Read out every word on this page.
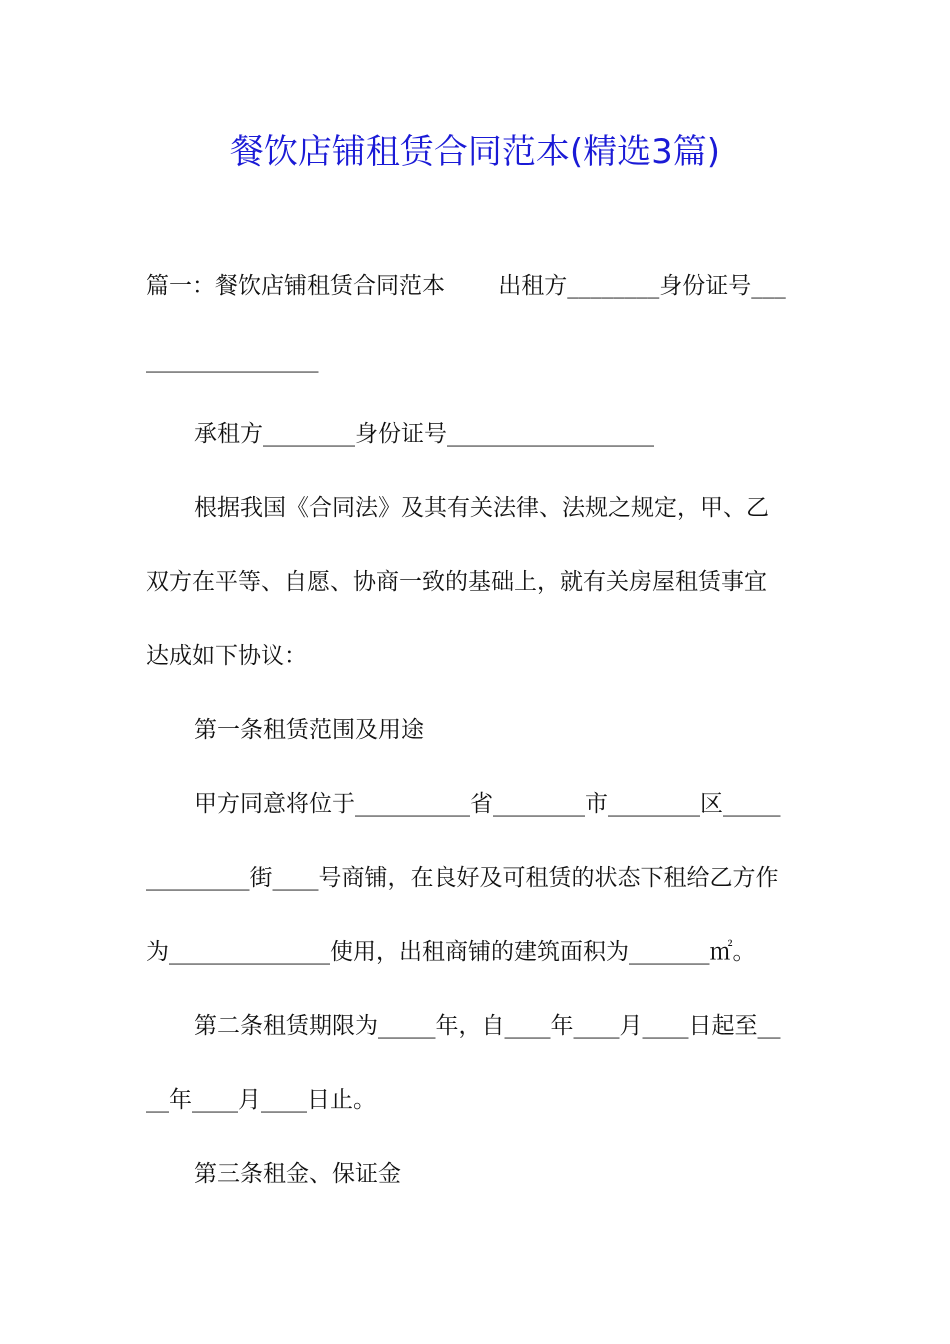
餐饮店铺租赁合同范本(精选3篇)
篇一：餐饮店铺租赁合同范本　　 出租方________身份证号___
_______________
承租方________身份证号__________________
根据我国《合同法》及其有关法律、法规之规定，甲、乙
双方在平等、自愿、协商一致的基础上，就有关房屋租赁事宜
达成如下协议：
第一条租赁范围及用途
甲方同意将位于__________省________市________区_____
_________街____号商铺，在良好及可租赁的状态下租给乙方作
为______________使用，出租商铺的建筑面积为_______㎡。
第二条租赁期限为_____年，自____年____月____日起至__
__年____月____日止。
第三条租金、保证金
